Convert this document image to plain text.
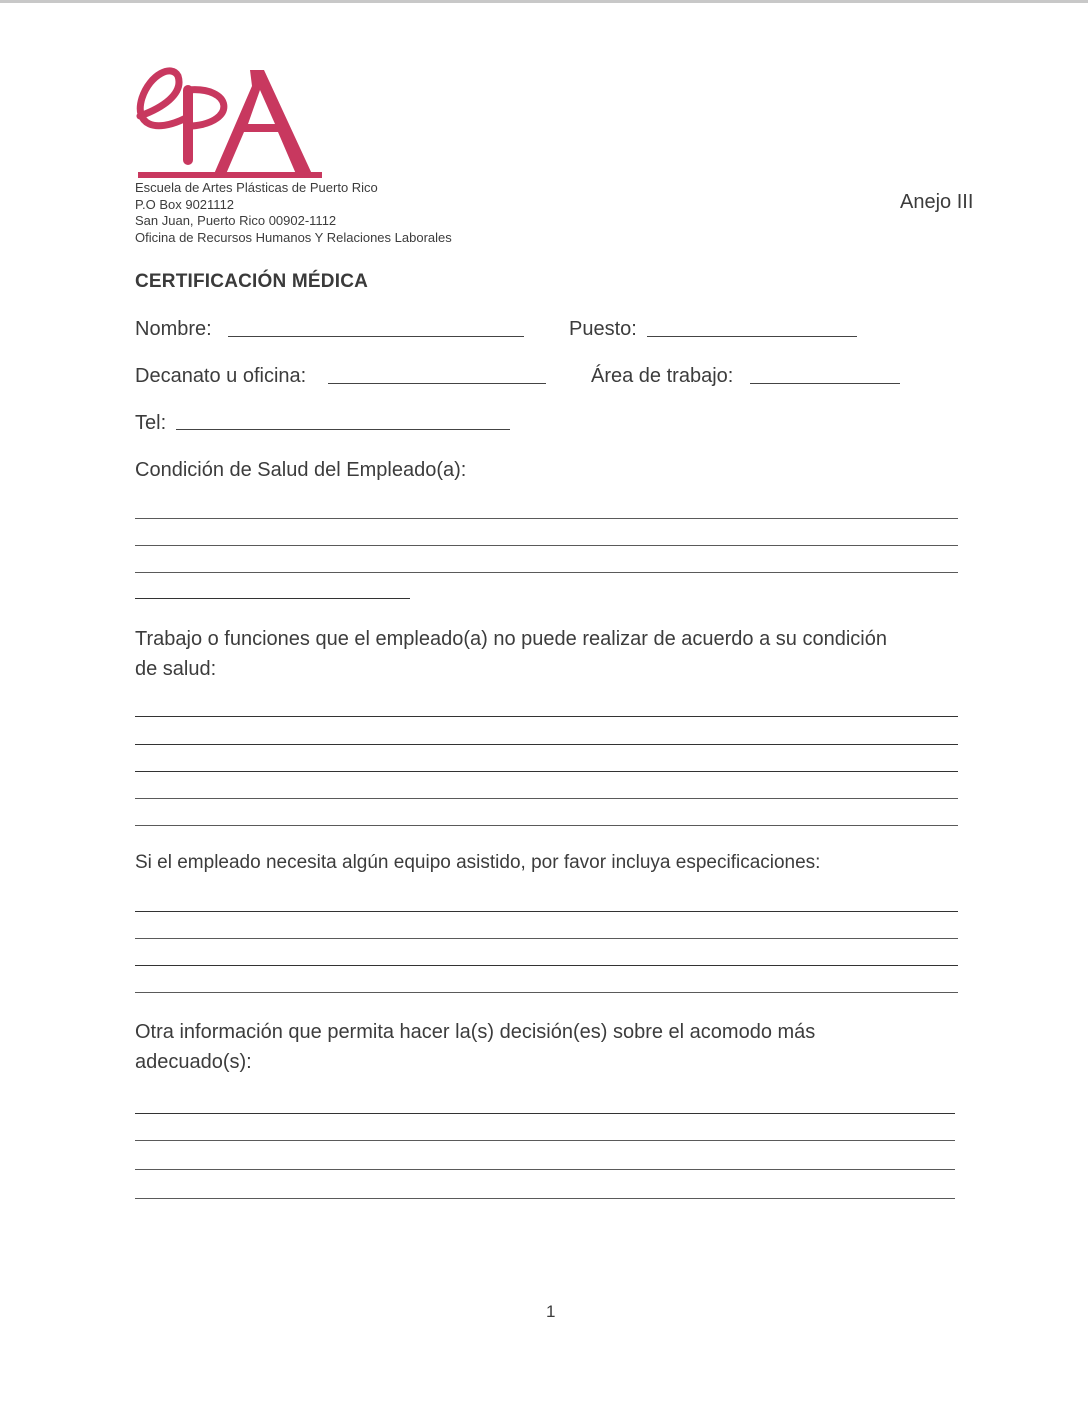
Escuela de Artes Plásticas de Puerto Rico
P.O Box 9021112
San Juan, Puerto Rico 00902-1112
Oficina de Recursos Humanos Y Relaciones Laborales
Anejo III
CERTIFICACIÓN MÉDICA
Nombre:	Puesto:
Decanato u oficina:	Área de trabajo:
Tel:
Condición de Salud del Empleado(a):
Trabajo o funciones que el empleado(a) no puede realizar de acuerdo a su condición de salud:
Si el empleado necesita algún equipo asistido, por favor incluya especificaciones:
Otra información que permita hacer la(s) decisión(es) sobre el acomodo más adecuado(s):
1
